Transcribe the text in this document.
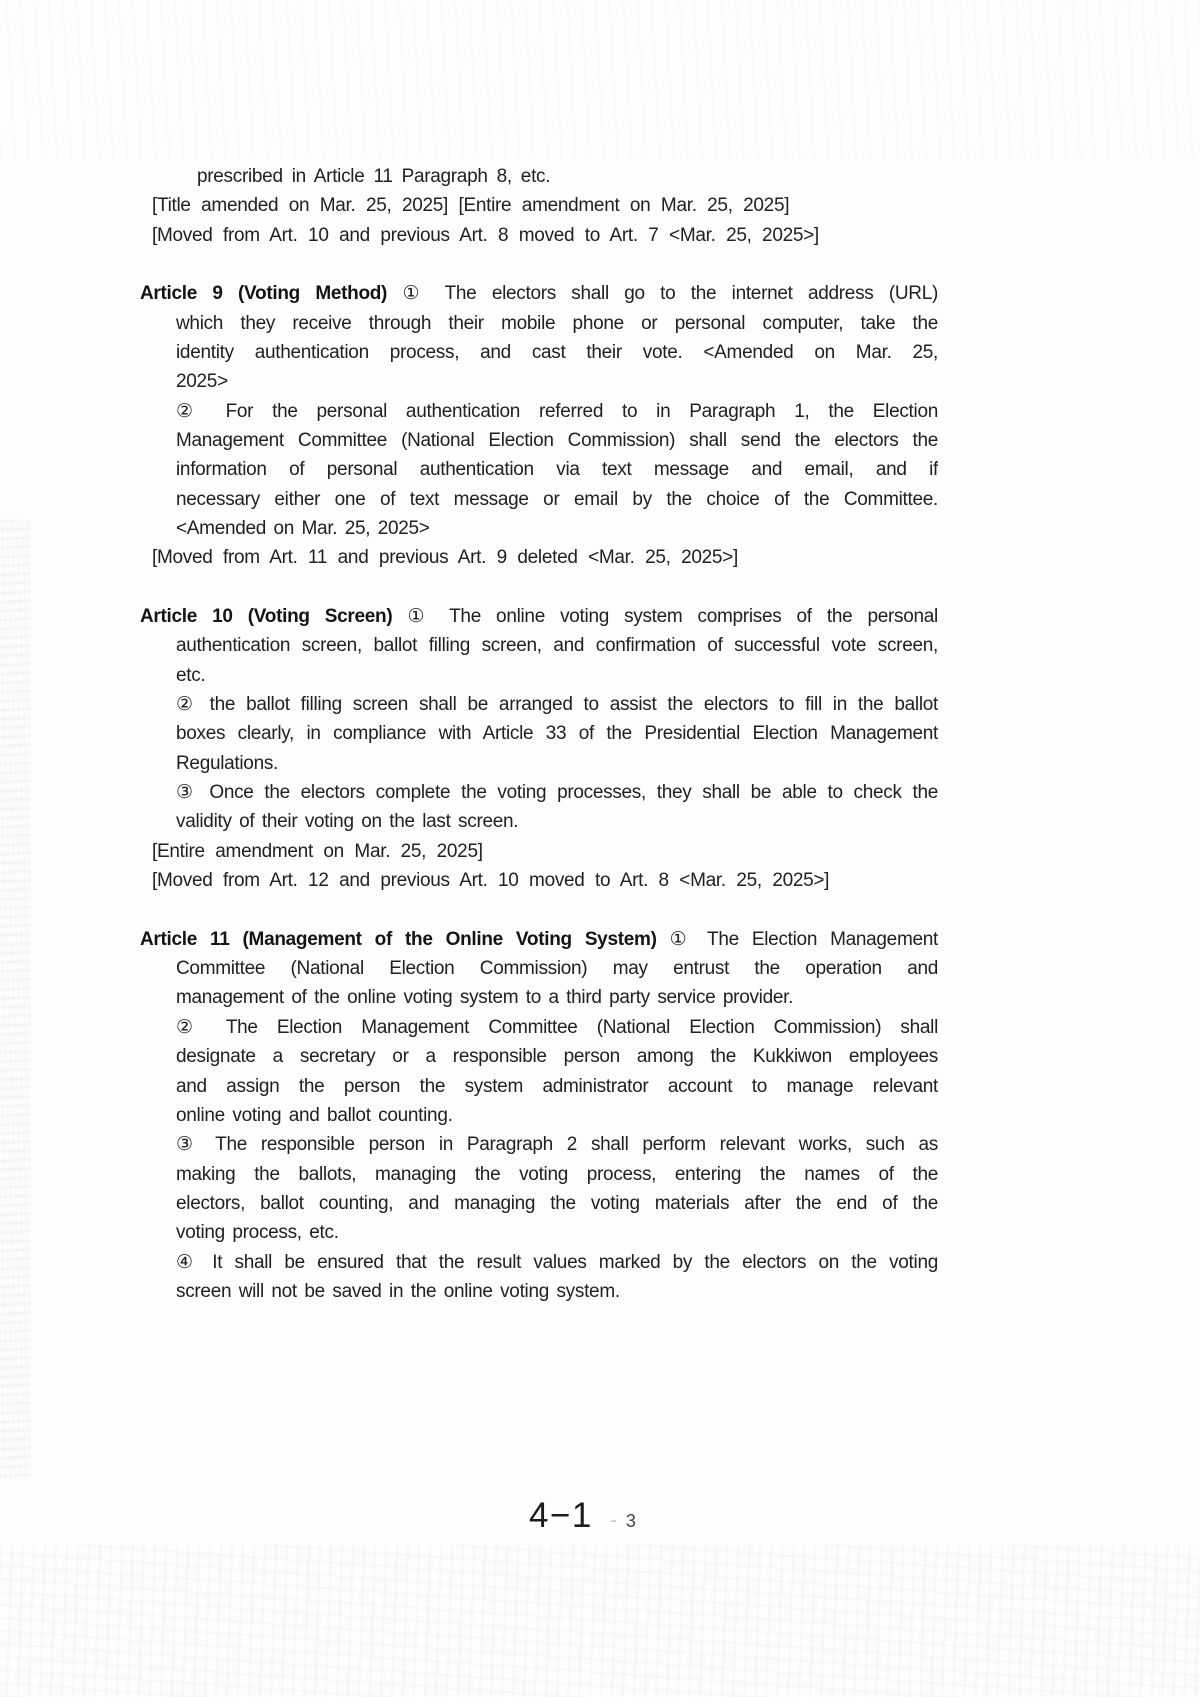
prescribed in Article 11 Paragraph 8, etc.
[Title amended on Mar. 25, 2025] [Entire amendment on Mar. 25, 2025]
[Moved from Art. 10 and previous Art. 8 moved to Art. 7 <Mar. 25, 2025>]
Article 9 (Voting Method) ① The electors shall go to the internet address (URL)
which they receive through their mobile phone or personal computer, take the
identity authentication process, and cast their vote. <Amended on Mar. 25,
2025>
② For the personal authentication referred to in Paragraph 1, the Election
Management Committee (National Election Commission) shall send the electors the
information of personal authentication via text message and email, and if
necessary either one of text message or email by the choice of the Committee.
<Amended on Mar. 25, 2025>
[Moved from Art. 11 and previous Art. 9 deleted <Mar. 25, 2025>]
Article 10 (Voting Screen) ① The online voting system comprises of the personal
authentication screen, ballot filling screen, and confirmation of successful vote screen,
etc.
② the ballot filling screen shall be arranged to assist the electors to fill in the ballot
boxes clearly, in compliance with Article 33 of the Presidential Election Management
Regulations.
③ Once the electors complete the voting processes, they shall be able to check the
validity of their voting on the last screen.
[Entire amendment on Mar. 25, 2025]
[Moved from Art. 12 and previous Art. 10 moved to Art. 8 <Mar. 25, 2025>]
Article 11 (Management of the Online Voting System) ① The Election Management
Committee (National Election Commission) may entrust the operation and
management of the online voting system to a third party service provider.
② The Election Management Committee (National Election Commission) shall
designate a secretary or a responsible person among the Kukkiwon employees
and assign the person the system administrator account to manage relevant
online voting and ballot counting.
③ The responsible person in Paragraph 2 shall perform relevant works, such as
making the ballots, managing the voting process, entering the names of the
electors, ballot counting, and managing the voting materials after the end of the
voting process, etc.
④ It shall be ensured that the result values marked by the electors on the voting
screen will not be saved in the online voting system.
4−1 - 3
